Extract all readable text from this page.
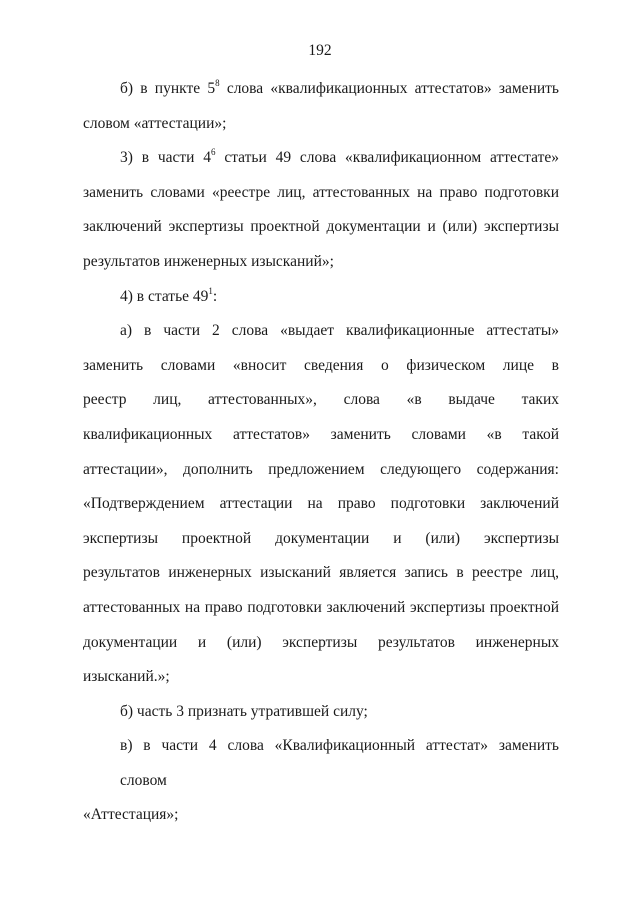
192
б) в пункте $5^8$ слова «квалификационных аттестатов» заменить
словом «аттестации»;
3) в части $4^6$ статьи 49 слова «квалификационном аттестате»
заменить словами «реестре лиц, аттестованных на право подготовки
заключений экспертизы проектной документации и (или) экспертизы
результатов инженерных изысканий»;
4) в статье $49^1$:
а) в части 2 слова «выдает квалификационные аттестаты»
заменить словами «вносит сведения о физическом лице в
реестр лиц, аттестованных», слова «в выдаче таких
квалификационных аттестатов» заменить словами «в такой
аттестации», дополнить предложением следующего содержания:
«Подтверждением аттестации на право подготовки заключений
экспертизы проектной документации и (или) экспертизы
результатов инженерных изысканий является запись в реестре лиц,
аттестованных на право подготовки заключений экспертизы проектной
документации и (или) экспертизы результатов инженерных
изысканий.»;
б) часть 3 признать утратившей силу;
в) в части 4 слова «Квалификационный аттестат» заменить словом
«Аттестация»;
